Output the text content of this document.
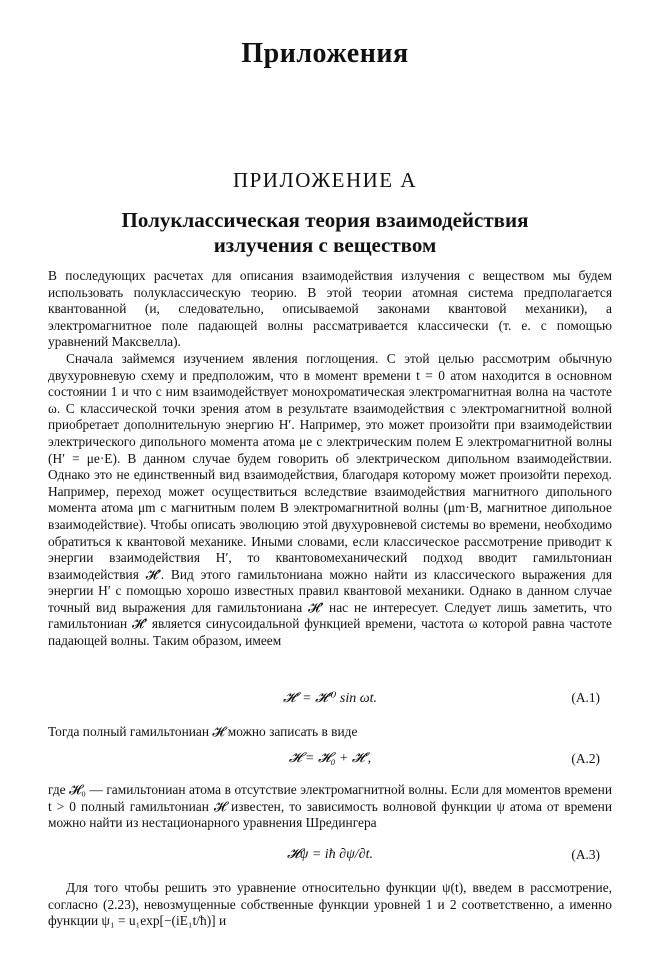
Приложения
ПРИЛОЖЕНИЕ А
Полуклассическая теория взаимодействия
излучения с веществом

В последующих расчетах для описания взаимодействия излучения с веществом мы будем использовать полуклассическую теорию. В этой теории атомная система предполагается квантованной (и, следовательно, описываемой законами квантовой механики), а электромагнитное поле падающей волны рассматривается классически (т. е. с помощью уравнений Максвелла).

Сначала займемся изучением явления поглощения. С этой целью рассмотрим обычную двухуровневую схему и предположим, что в момент времени t = 0 атом находится в основном состоянии 1 и что с ним взаимодействует монохроматическая электромагнитная волна на частоте ω. С классической точки зрения атом в результате взаимодействия с электромагнитной волной приобретает дополнительную энергию H′. Например, это может произойти при взаимодействии электрического дипольного момента атома μe с электрическим полем E электромагнитной волны (H′ = μe·E). В данном случае будем говорить об электрическом дипольном взаимодействии. Однако это не единственный вид взаимодействия, благодаря которому может произойти переход. Например, переход может осуществиться вследствие взаимодействия магнитного дипольного момента атома μm с магнитным полем B электромагнитной волны (μm·B, магнитное дипольное взаимодействие). Чтобы описать эволюцию этой двухуровневой системы во времени, необходимо обратиться к квантовой механике. Иными словами, если классическое рассмотрение приводит к энергии взаимодействия H′, то квантовомеханический подход вводит гамильтониан взаимодействия 𝓗′. Вид этого гамильтониана можно найти из классического выражения для энергии H′ с помощью хорошо известных правил квантовой механики. Однако в данном случае точный вид выражения для гамильтониана 𝓗′ нас не интересует. Следует лишь заметить, что гамильтониан 𝓗′ является синусоидальной функцией времени, частота ω которой равна частоте падающей волны. Таким образом, имеем

𝓗′ = 𝓗′⁰ sin ωt.	(А.1)

Тогда полный гамильтониан 𝓗 можно записать в виде

𝓗 = 𝓗₀ + 𝓗′,	(А.2)

где 𝓗₀ — гамильтониан атома в отсутствие электромагнитной волны. Если для моментов времени t > 0 полный гамильтониан 𝓗 известен, то зависимость волновой функции ψ атома от времени можно найти из нестационарного уравнения Шредингера

𝓗ψ = iħ ∂ψ/∂t.	(А.3)

Для того чтобы решить это уравнение относительно функции ψ(t), введем в рассмотрение, согласно (2.23), невозмущенные собственные функции уровней 1 и 2 соответственно, а именно функции ψ₁ = u₁exp[−(iE₁t/ħ)] и
